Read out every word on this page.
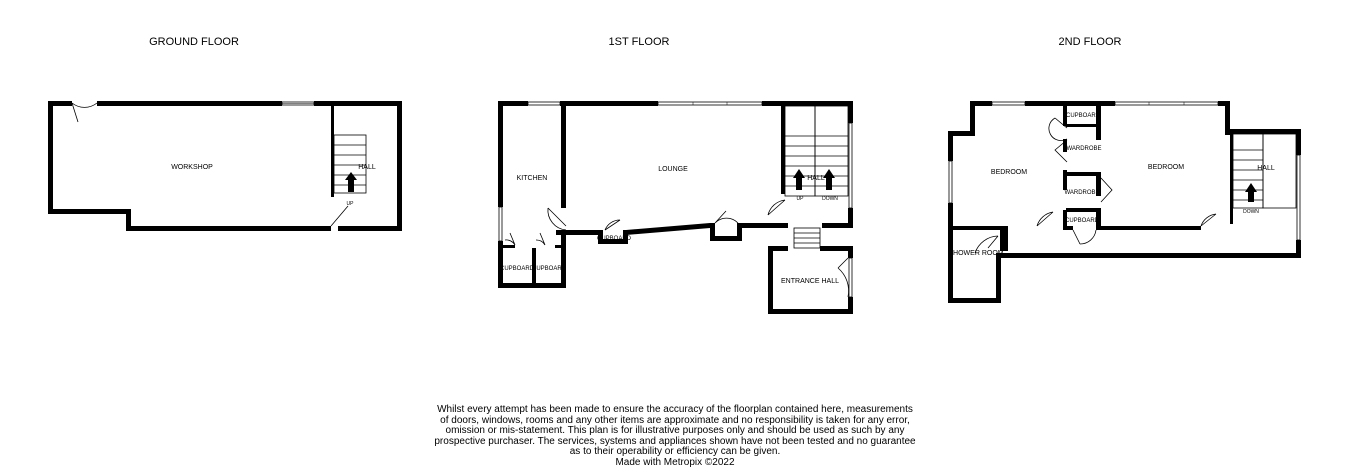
GROUND FLOOR	1ST FLOOR	2ND FLOOR
WORKSHOP	HALL
UP
KITCHEN
LOUNGE
HALL
UP	DOWN
CUPBOARD
CUPBOARD
CUPBOARD
ENTRANCE HALL
CUPBOARD
WARDROBE
BEDROOM
BEDROOM
WARDROBE
CUPBOARD
HALL
DOWN
SHOWER ROOM
Whilst every attempt has been made to ensure the accuracy of the floorplan contained here, measurements
of doors, windows, rooms and any other items are approximate and no responsibility is taken for any error,
omission or mis-statement. This plan is for illustrative purposes only and should be used as such by any
prospective purchaser. The services, systems and appliances shown have not been tested and no guarantee
as to their operability or efficiency can be given.
Made with Metropix ©2022
